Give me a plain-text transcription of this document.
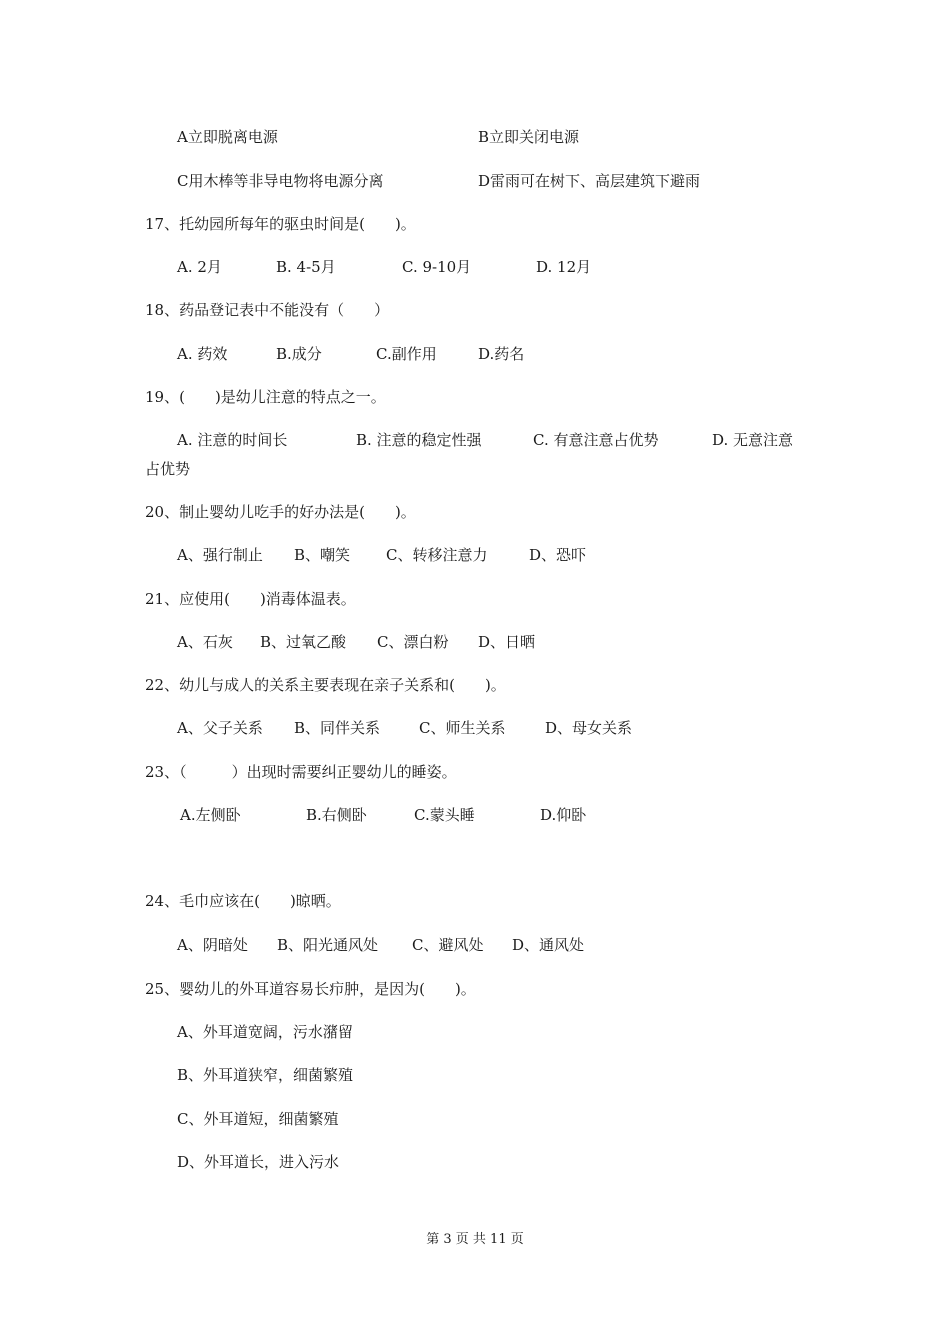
A立即脱离电源	B立即关闭电源
C用木棒等非导电物将电源分离	D雷雨可在树下、高层建筑下避雨
17、托幼园所每年的驱虫时间是(　　)。
A. 2月	B. 4-5月	C. 9-10月	D. 12月
18、药品登记表中不能没有（　　）
A. 药效	B.成分	C.副作用	D.药名
19、(　　)是幼儿注意的特点之一。
A. 注意的时间长	B. 注意的稳定性强	C. 有意注意占优势	D. 无意注意
占优势
20、制止婴幼儿吃手的好办法是(　　)。
A、强行制止 B、嘲笑 C、转移注意力	D、恐吓
21、应使用(　　)消毒体温表。
A、石灰 B、过氧乙酸 C、漂白粉 D、日晒
22、幼儿与成人的关系主要表现在亲子关系和(　　)。
A、父子关系 B、同伴关系	C、师生关系	D、母女关系
23、（　　　）出现时需要纠正婴幼儿的睡姿。
A.左侧卧	B.右侧卧	C.蒙头睡	D.仰卧
24、毛巾应该在(　　)晾晒。
A、阴暗处 B、阳光通风处 C、避风处 D、通风处
25、婴幼儿的外耳道容易长疖肿，是因为(　　)。
A、外耳道宽阔，污水潴留
B、外耳道狭窄，细菌繁殖
C、外耳道短，细菌繁殖
D、外耳道长，进入污水
第 3 页 共 11 页
